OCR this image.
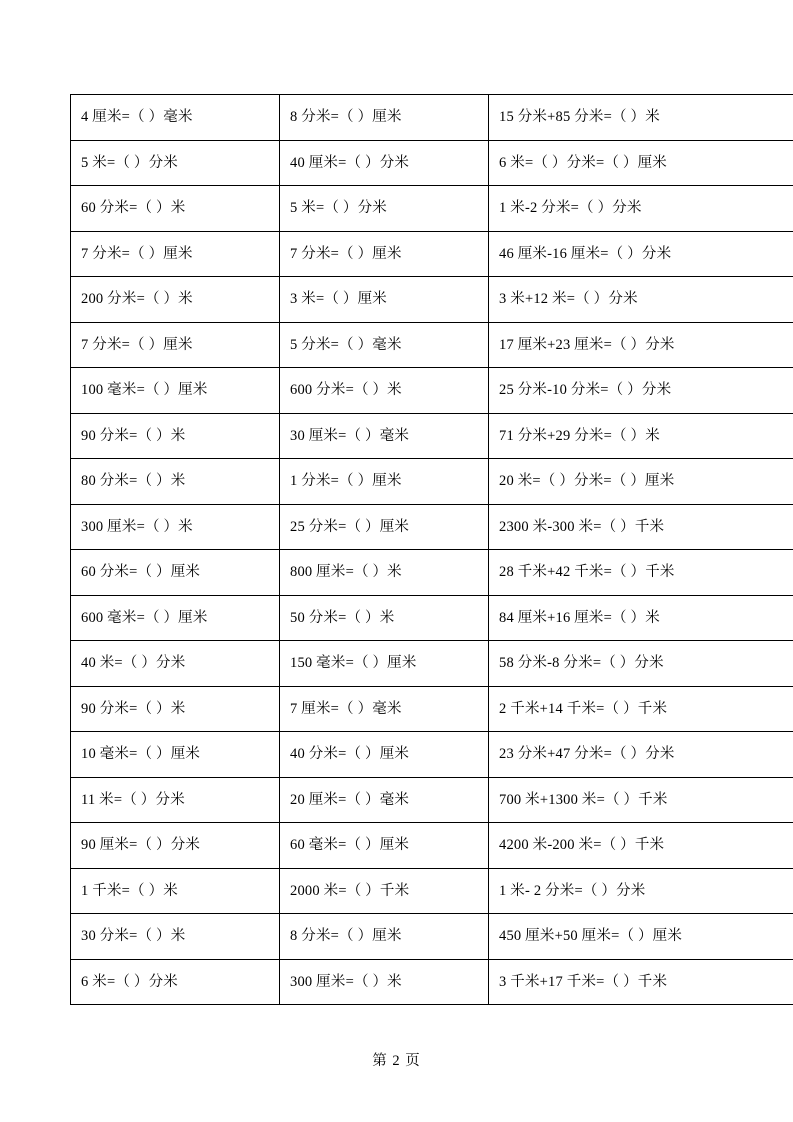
4 厘米=（ ）毫米	8 分米=（ ）厘米	15 分米+85 分米=（ ）米
5 米=（ ）分米	40 厘米=（ ）分米	6 米=（ ）分米=（ ）厘米
60 分米=（ ）米	5 米=（ ）分米	1 米-2 分米=（ ）分米
7 分米=（ ）厘米	7 分米=（ ）厘米	46 厘米-16 厘米=（ ）分米
200 分米=（ ）米	3 米=（ ）厘米	3 米+12 米=（ ）分米
7 分米=（ ）厘米	5 分米=（ ）毫米	17 厘米+23 厘米=（ ）分米
100 毫米=（ ）厘米	600 分米=（ ）米	25 分米-10 分米=（ ）分米
90 分米=（ ）米	30 厘米=（ ）毫米	71 分米+29 分米=（ ）米
80 分米=（ ）米	1 分米=（ ）厘米	20 米=（ ）分米=（ ）厘米
300 厘米=（ ）米	25 分米=（ ）厘米	2300 米-300 米=（ ）千米
60 分米=（ ）厘米	800 厘米=（ ）米	28 千米+42 千米=（ ）千米
600 毫米=（ ）厘米	50 分米=（ ）米	84 厘米+16 厘米=（ ）米
40 米=（ ）分米	150 毫米=（ ）厘米	58 分米-8 分米=（ ）分米
90 分米=（ ）米	7 厘米=（ ）毫米	2 千米+14 千米=（ ）千米
10 毫米=（ ）厘米	40 分米=（ ）厘米	23 分米+47 分米=（ ）分米
11 米=（ ）分米	20 厘米=（ ）毫米	700 米+1300 米=（ ）千米
90 厘米=（ ）分米	60 毫米=（ ）厘米	4200 米-200 米=（ ）千米
1 千米=（ ）米	2000 米=（ ）千米	1 米- 2 分米=（ ）分米
30 分米=（ ）米	8 分米=（ ）厘米	450 厘米+50 厘米=（ ）厘米
6 米=（ ）分米	300 厘米=（ ）米	3 千米+17 千米=（ ）千米
第 2 页
